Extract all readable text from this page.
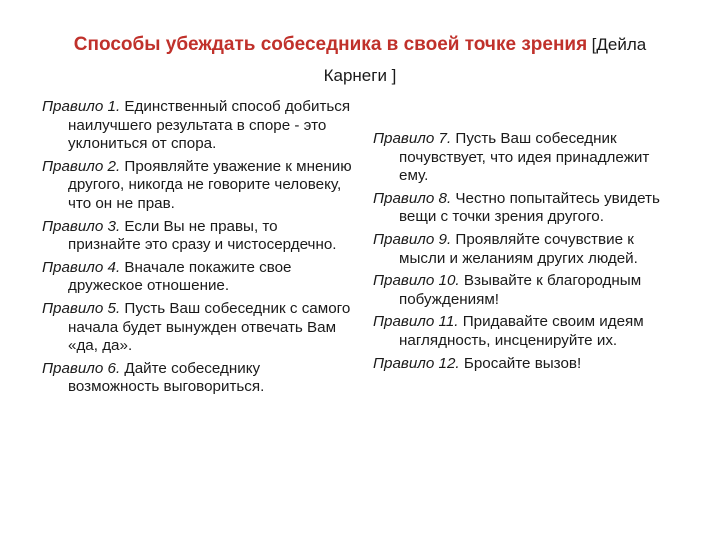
Способы убеждать собеседника в своей точке зрения [Дейла Карнеги ]

Правило 1. Единственный способ добиться наилучшего результата в споре - это уклониться от спора.

Правило 2. Проявляйте уважение к мнению другого, никогда не говорите человеку, что он не прав.

Правило 3. Если Вы не правы, то признайте это сразу и чистосердечно.

Правило 4. Вначале покажите свое дружеское отношение.

Правило 5. Пусть Ваш собеседник с самого начала будет вынужден отвечать Вам «да, да».

Правило 6. Дайте собеседнику возможность выговориться.

Правило 7. Пусть Ваш собеседник почувствует, что идея принадлежит ему.

Правило 8. Честно попытайтесь увидеть вещи с точки зрения другого.

Правило 9. Проявляйте сочувствие к мысли и желаниям других людей.

Правило 10. Взывайте к благородным побуждениям!

Правило 11. Придавайте своим идеям наглядность, инсценируйте их.

Правило 12. Бросайте вызов!
